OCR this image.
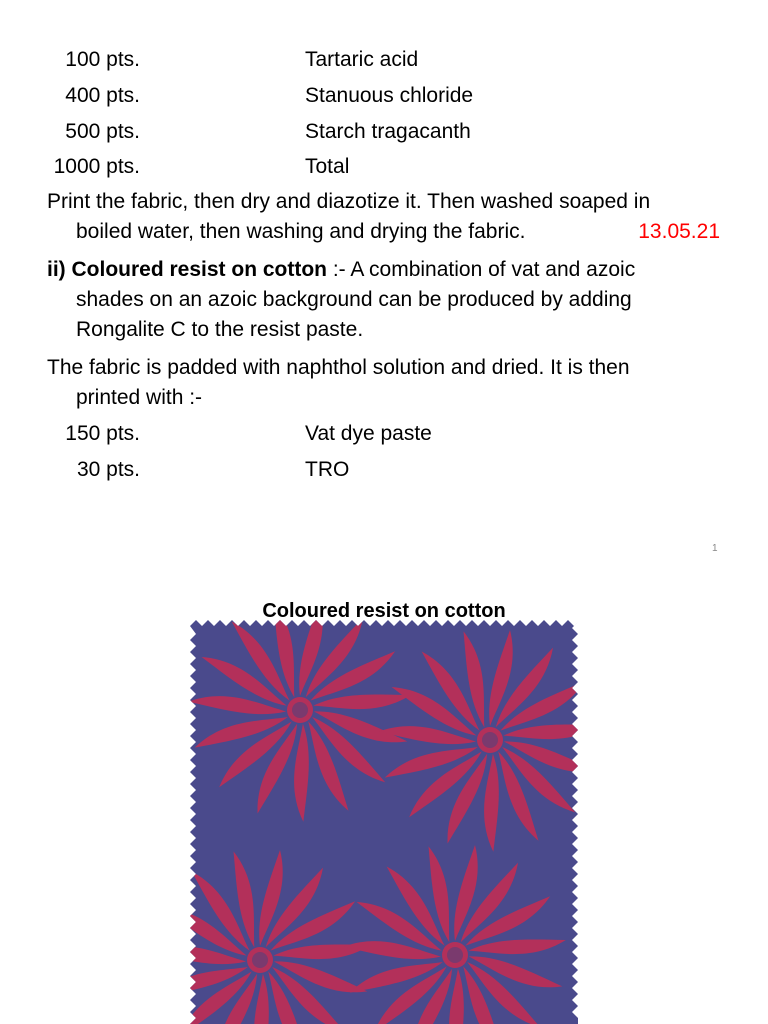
100 pts.	Tartaric acid
400 pts.	Stanuous chloride
500 pts.	Starch tragacanth
1000 pts.	Total
Print the fabric, then dry and diazotize it. Then washed soaped in
boiled water, then washing and drying the fabric.	13.05.21
ii) Coloured resist on cotton :- A combination of vat and azoic
shades on an azoic background can be produced by adding
Rongalite C to the resist paste.
The fabric is padded with naphthol solution and dried. It is then
printed with :-
150 pts.	Vat dye paste
30 pts.	TRO
1
Coloured resist on cotton
